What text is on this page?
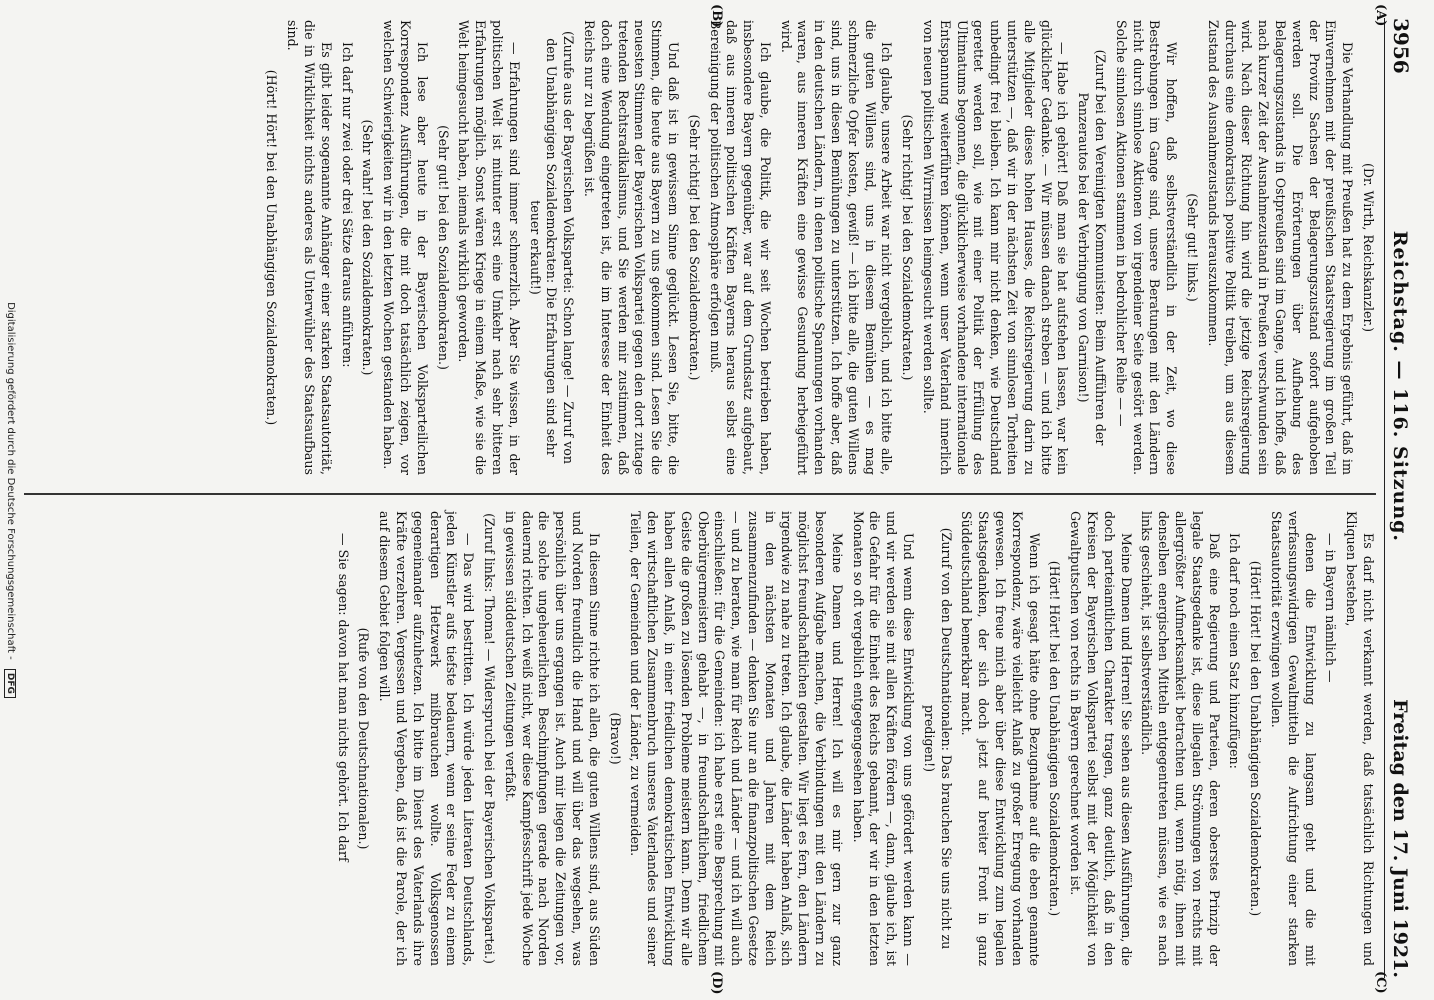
3956
Reichstag. — 116. Sitzung.
Freitag den 17. Juni 1921.
(A)
(B)
(C)
(D)

(Dr. Wirth, Reichskanzler.)

Die Verhandlung mit Preußen hat zu dem Ergebnis geführt, daß im Einvernehmen mit der preußischen Staatsregierung im großen Teil der Provinz Sachsen der Belagerungszustand sofort aufgehoben werden soll. Die Erörterungen über Aufhebung des Belagerungszustands in Ostpreußen sind im Gange, und ich hoffe, daß nach kurzer Zeit der Ausnahmezustand in Preußen verschwunden sein wird. Nach dieser Richtung hin wird die jetzige Reichsregierung durchaus eine demokratisch positive Politik treiben, um aus diesem Zustand des Ausnahmezustands herauszukommen.

(Sehr gut! links.)

Wir hoffen, daß selbstverständlich in der Zeit, wo diese Bestrebungen im Gange sind, unsere Beratungen mit den Ländern nicht durch sinnlose Aktionen von irgendeiner Seite gestört werden. Solche sinnlosen Aktionen stammen in bedrohlicher Reihe — —

(Zuruf bei den Vereinigten Kommunisten: Beim Aufführen der Panzerautos bei der Verbringung von Garnison!)

— Habe ich gehört! Daß man sie hat aufstehen lassen, war kein glücklicher Gedanke. — Wir müssen danach streben — und ich bitte alle Mitglieder dieses hohen Hauses, die Reichsregierung darin zu unterstützen —, daß wir in der nächsten Zeit von sinnlosen Torheiten unbedingt frei bleiben. Ich kann mir nicht denken, wie Deutschland gerettet werden soll, wie mit einer Politik der Erfüllung des Ultimatums begonnen, die glücklicherweise vorhandene internationale Entspannung weiterführen können, wenn unser Vaterland innerlich von neuen politischen Wirrnissen heimgesucht werden sollte.

(Sehr richtig! bei den Sozialdemokraten.)

Ich glaube, unsere Arbeit war nicht vergeblich, und ich bitte alle, die guten Willens sind, uns in diesem Bemühen — es mag schmerzliche Opfer kosten, gewiß! — ich bitte alle, die guten Willens sind, uns in diesen Bemühungen zu unterstützen. Ich hoffe aber, daß in den deutschen Ländern, in denen politische Spannungen vorhanden waren, aus inneren Kräften eine gewisse Gesundung herbeigeführt wird.

Ich glaube, die Politik, die wir seit Wochen betrieben haben, insbesondere Bayern gegenüber, war auf dem Grundsatz aufgebaut, daß aus inneren politischen Kräften Bayerns heraus selbst eine Bereinigung der politischen Atmosphäre erfolgen muß.

(Sehr richtig! bei den Sozialdemokraten.)

Und daß ist in gewissem Sinne geglückt. Lesen Sie, bitte, die Stimmen, die heute aus Bayern zu uns gekommen sind. Lesen Sie die neuesten Stimmen der Bayerischen Volkspartei gegen den dort zutage tretenden Rechtsradikalismus, und Sie werden mir zustimmen, daß doch eine Wendung eingetreten ist, die im Interesse der Einheit des Reichs nur zu begrüßen ist.

(Zurufe aus der Bayerischen Volkspartei: Schon lange! — Zuruf von den Unabhängigen Sozialdemokraten: Die Erfahrungen sind sehr teuer erkauft!)

— Erfahrungen sind immer schmerzlich. Aber Sie wissen, in der politischen Welt ist mitunter erst eine Umkehr nach sehr bitteren Erfahrungen möglich. Sonst wären Kriege in einem Maße, wie sie die Welt heimgesucht haben, niemals wirklich geworden.

(Sehr gut! bei den Sozialdemokraten.)

Ich lese aber heute in der Bayerischen Volksparteilichen Korrespondenz Ausführungen, die mit doch tatsächlich zeigen, vor welchen Schwierigkeiten wir in den letzten Wochen gestanden haben.

(Sehr wahr! bei den Sozialdemokraten.)

Ich darf nur zwei oder drei Sätze daraus anführen:

Es gibt leider sogenannte Anhänger einer starken Staatsautorität, die in Wirklichkeit nichts anderes als Unterwühler des Staatsaufbaus sind.

(Hört! Hört! bei den Unabhängigen Sozialdemokraten.)

Es darf nicht verkannt werden, daß tatsächlich Richtungen und Kliquen bestehen,

— in Bayern nämlich —

denen die Entwicklung zu langsam geht und die mit verfassungswidrigen Gewaltmitteln die Aufrichtung einer starken Staatsautorität erzwingen wollen.

(Hört! Hört! bei den Unabhängigen Sozialdemokraten.)

Ich darf noch einen Satz hinzufügen:

Daß eine Regierung und Parteien, deren oberstes Prinzip der legale Staatsgedanke ist, diese illegalen Strömungen von rechts mit allergrößter Aufmerksamkeit betrachten und, wenn nötig, ihnen mit denselben energischen Mitteln entgegentreten müssen, wie es nach links geschieht, ist selbstverständlich.

Meine Damen und Herren! Sie sehen aus diesen Ausführungen, die doch parteiamtlichen Charakter tragen, ganz deutlich, daß in den Kreisen der Bayerischen Volkspartei selbst mit der Möglichkeit von Gewaltputschen von rechts in Bayern gerechnet worden ist.

(Hört! Hört! bei den Unabhängigen Sozialdemokraten.)

Wenn ich gesagt hätte ohne Bezugnahme auf die eben genannte Korrespondenz, wäre vielleicht Anlaß zu großer Erregung vorhanden gewesen. Ich freue mich aber über diese Entwicklung zum legalen Staatsgedanken, der sich doch jetzt auf breiter Front in ganz Süddeutschland bemerkbar macht.

(Zuruf von den Deutschnationalen: Das brauchen Sie uns nicht zu predigen!)

Und wenn diese Entwicklung von uns gefördert werden kann — und wir werden sie mit allen Kräften fördern —, dann, glaube ich, ist die Gefahr für die Einheit des Reichs gebannt, der wir in den letzten Monaten so oft vergeblich entgegengesehen haben.

Meine Damen und Herren! Ich will es mir gern zur ganz besonderen Aufgabe machen, die Verbindungen mit den Ländern zu möglichst freundschaftlichen gestalten. Wir liegt es fern, den Ländern irgendwie zu nahe zu treten. Ich glaube, die Länder haben Anlaß, sich in den nächsten Monaten und Jahren mit dem Reich zusammenzufinden — denken Sie nur an die finanzpolitischen Gesetze — und zu beraten, wie man für Reich und Länder — und ich will auch einschließen: für die Gemeinden: ich habe erst eine Besprechung mit Oberbürgermeistern gehabt —, in freundschaftlichem, friedlichem Geiste die großen zu lösenden Probleme meistern kann. Denn wir alle haben allen Anlaß, in einer friedlichen demokratischen Entwicklung den wirtschaftlichen Zusammenbruch unseres Vaterlandes und seiner Teilen, der Gemeinden und der Länder, zu vermeiden.

(Bravo!)

In diesem Sinne richte ich allen, die guten Willens sind, aus Süden und Norden freundlich die Hand und will über das wegsehen, was persönlich über uns ergangen ist. Auch mir liegen die Zeitungen vor, die solche ungeheuerlichen Beschimpfungen gerade nach Norden dauernd richten. Ich weiß nicht, wer diese Kampfesschrift jede Woche in gewissen süddeutschen Zeitungen verfaßt.

(Zuruf links: Thoma! — Widerspruch bei der Bayerischen Volkspartei.)

— Das wird bestritten. Ich würde jeden Literaten Deutschlands, jeden Künstler aufs tiefste bedauern, wenn er seine Feder zu einem derartigen Hetzwerk mißbrauchen wollte. Volksgenossen gegeneinander aufzuhetzen. Ich bitte im Dienst des Vaterlands ihre Kräfte verzehren. Vergessen und Vergeben, daß ist die Parole, der ich auf diesem Gebiet folgen will.

(Rufe von den Deutschnationalen.)

— Sie sagen: davon hat man nichts gehört. Ich darf

Digitalisierung gefördert durch die Deutsche Forschungsgemeinschaft - DFG
